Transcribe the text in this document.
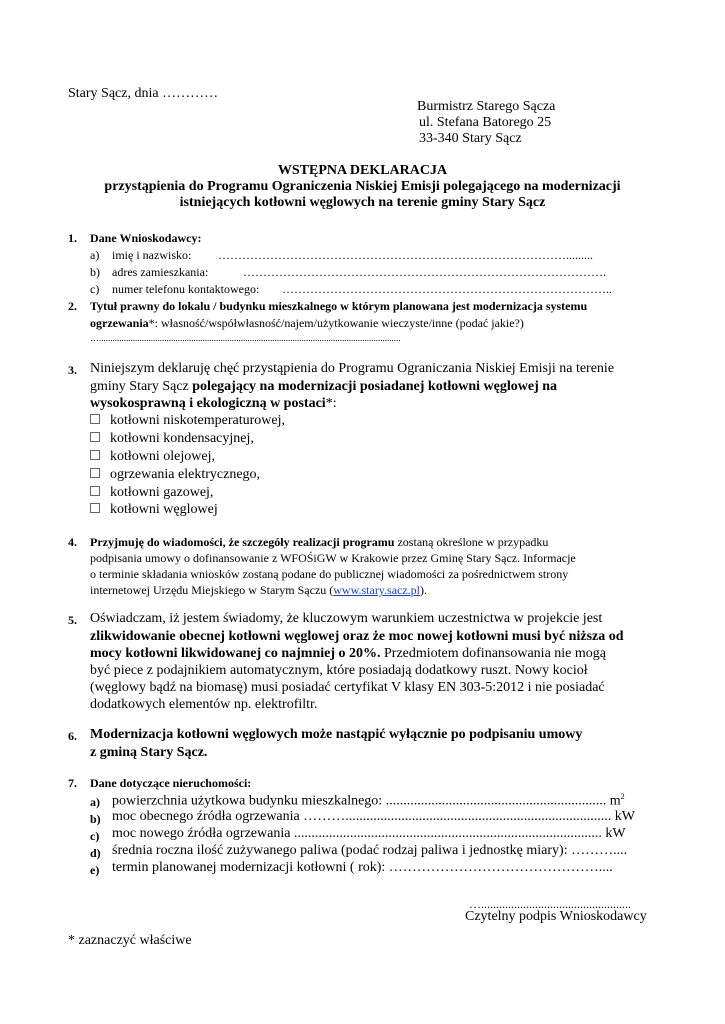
Stary Sącz, dnia …………
Burmistrz Starego Sącza
ul. Stefana Batorego 25
33-340 Stary Sącz
WSTĘPNA DEKLARACJA
przystąpienia do Programu Ograniczenia Niskiej Emisji polegającego na modernizacji
istniejących kotłowni węglowych na terenie gminy Stary Sącz
1. Dane Wnioskodawcy:
a) imię i nazwisko: …………………………………………………………………………….........
b) adres zamieszkania:	……………………………………………………………………………….
c) numer telefonu kontaktowego: ………………………………………………………………………..
2. Tytuł prawny do lokalu / budynku mieszkalnego w którym planowana jest modernizacja systemu
ogrzewania*: własność/współwłasność/najem/użytkowanie wieczyste/inne (podać jakie?)
…......................................................................................................................................
3. Niniejszym deklaruję chęć przystąpienia do Programu Ograniczania Niskiej Emisji na terenie
gminy Stary Sącz polegający na modernizacji posiadanej kotłowni węglowej na
wysokosprawną i ekologiczną w postaci*:
kotłowni niskotemperaturowej,
kotłowni kondensacyjnej,
kotłowni olejowej,
ogrzewania elektrycznego,
kotłowni gazowej,
kotłowni węglowej
4. Przyjmuję do wiadomości, że szczegóły realizacji programu zostaną określone w przypadku
podpisania umowy o dofinansowanie z WFOŚiGW w Krakowie przez Gminę Stary Sącz. Informacje
o terminie składania wniosków zostaną podane do publicznej wiadomości za pośrednictwem strony
internetowej Urzędu Miejskiego w Starym Sączu (www.stary.sacz.pl).
5. Oświadczam, iż jestem świadomy, że kluczowym warunkiem uczestnictwa w projekcie jest
zlikwidowanie obecnej kotłowni węglowej oraz że moc nowej kotłowni musi być niższa od
mocy kotłowni likwidowanej co najmniej o 20%. Przedmiotem dofinansowania nie mogą
być piece z podajnikiem automatycznym, które posiadają dodatkowy ruszt. Nowy kocioł
(węglowy bądź na biomasę) musi posiadać certyfikat V klasy EN 303-5:2012 i nie posiadać
dodatkowych elementów np. elektrofiltr.
6. Modernizacja kotłowni węglowych może nastąpić wyłącznie po podpisaniu umowy
z gminą Stary Sącz.
7. Dane dotyczące nieruchomości:
a) powierzchnia użytkowa budynku mieszkalnego: ............................................................... $m^2$
b) moc obecnego źródła ogrzewania ………............................................................................ kW
c) moc nowego źródła ogrzewania ........................................................................................ kW
d) średnia roczna ilość zużywanego paliwa (podać rodzaj paliwa i jednostkę miary): ………....
e) termin planowanej modernizacji kotłowni ( rok): ………………………………………....
…..................................................
Czytelny podpis Wnioskodawcy
* zaznaczyć właściwe
